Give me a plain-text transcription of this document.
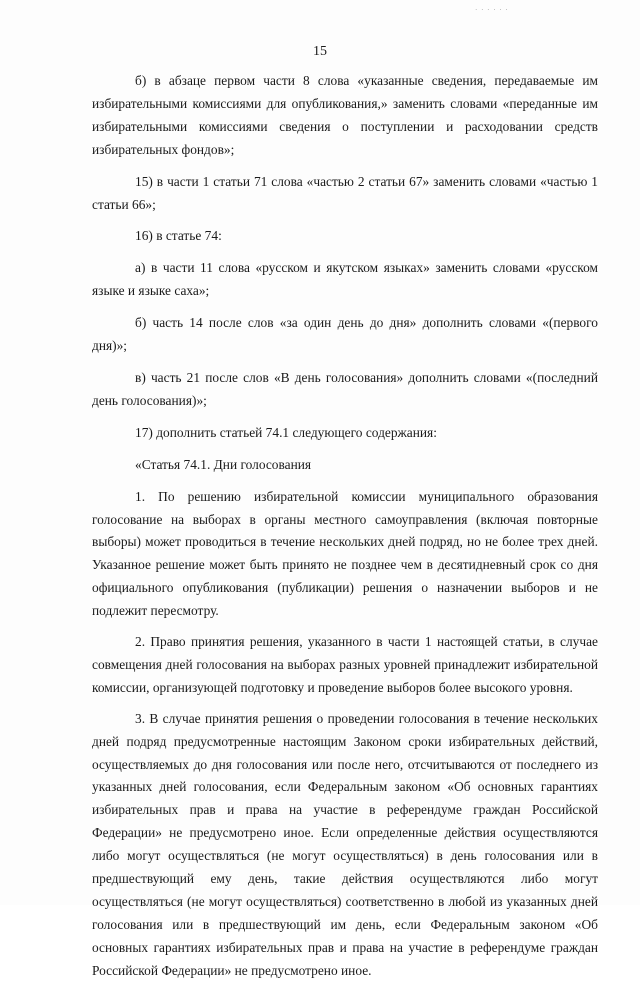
· · · · · ·
15

б) в абзаце первом части 8 слова «указанные сведения, передаваемые им избирательными комиссиями для опубликования,» заменить словами «переданные им избирательными комиссиями сведения о поступлении и расходовании средств избирательных фондов»;

15) в части 1 статьи 71 слова «частью 2 статьи 67» заменить словами «частью 1 статьи 66»;

16) в статье 74:

а) в части 11 слова «русском и якутском языках» заменить словами «русском языке и языке саха»;

б) часть 14 после слов «за один день до дня» дополнить словами «(первого дня)»;

в) часть 21 после слов «В день голосования» дополнить словами «(последний день голосования)»;

17) дополнить статьей 74.1 следующего содержания:

«Статья 74.1. Дни голосования

1. По решению избирательной комиссии муниципального образования голосование на выборах в органы местного самоуправления (включая повторные выборы) может проводиться в течение нескольких дней подряд, но не более трех дней. Указанное решение может быть принято не позднее чем в десятидневный срок со дня официального опубликования (публикации) решения о назначении выборов и не подлежит пересмотру.

2. Право принятия решения, указанного в части 1 настоящей статьи, в случае совмещения дней голосования на выборах разных уровней принадлежит избирательной комиссии, организующей подготовку и проведение выборов более высокого уровня.

3. В случае принятия решения о проведении голосования в течение нескольких дней подряд предусмотренные настоящим Законом сроки избирательных действий, осуществляемых до дня голосования или после него, отсчитываются от последнего из указанных дней голосования, если Федеральным законом «Об основных гарантиях избирательных прав и права на участие в референдуме граждан Российской Федерации» не предусмотрено иное. Если определенные действия осуществляются либо могут осуществляться (не могут осуществляться) в день голосования или в предшествующий ему день, такие действия осуществляются либо могут осуществляться (не могут осуществляться) соответственно в любой из указанных дней голосования или в предшествующий им день, если Федеральным законом «Об основных гарантиях избирательных прав и права на участие в референдуме граждан Российской Федерации» не предусмотрено иное.
